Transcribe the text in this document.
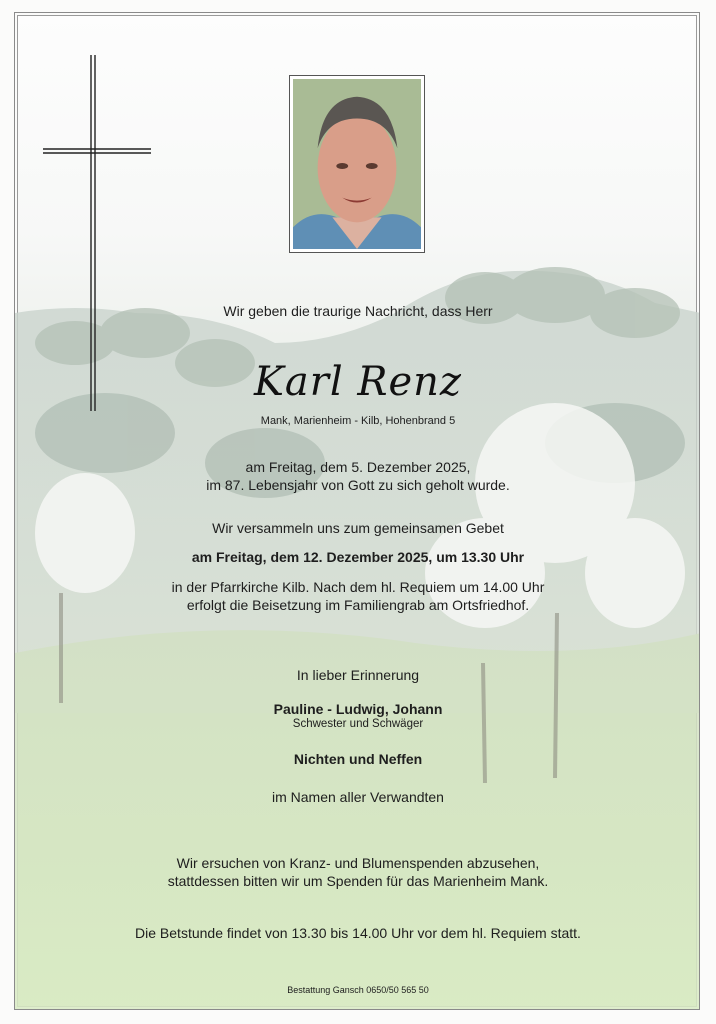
Wir geben die traurige Nachricht, dass Herr
Karl Renz
Mank, Marienheim - Kilb, Hohenbrand 5
am Freitag, dem 5. Dezember 2025,
im 87. Lebensjahr von Gott zu sich geholt wurde.
Wir versammeln uns zum gemeinsamen Gebet
am Freitag, dem 12. Dezember 2025, um 13.30 Uhr
in der Pfarrkirche Kilb. Nach dem hl. Requiem um 14.00 Uhr
erfolgt die Beisetzung im Familiengrab am Ortsfriedhof.
In lieber Erinnerung
Pauline - Ludwig, Johann
Schwester und Schwäger
Nichten und Neffen
im Namen aller Verwandten
Wir ersuchen von Kranz- und Blumenspenden abzusehen,
stattdessen bitten wir um Spenden für das Marienheim Mank.
Die Betstunde findet von 13.30 bis 14.00 Uhr vor dem hl. Requiem statt.
Bestattung Gansch 0650/50 565 50
